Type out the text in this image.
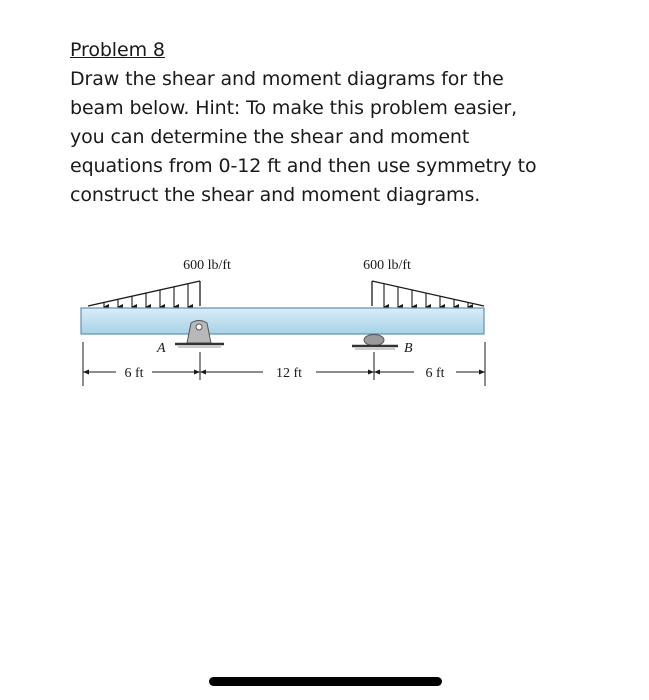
Problem 8
Draw the shear and moment diagrams for the
beam below. Hint: To make this problem easier,
you can determine the shear and moment
equations from 0-12 ft and then use symmetry to
construct the shear and moment diagrams.
600 lb/ft	600 lb/ft
A	B
6 ft	12 ft	6 ft
